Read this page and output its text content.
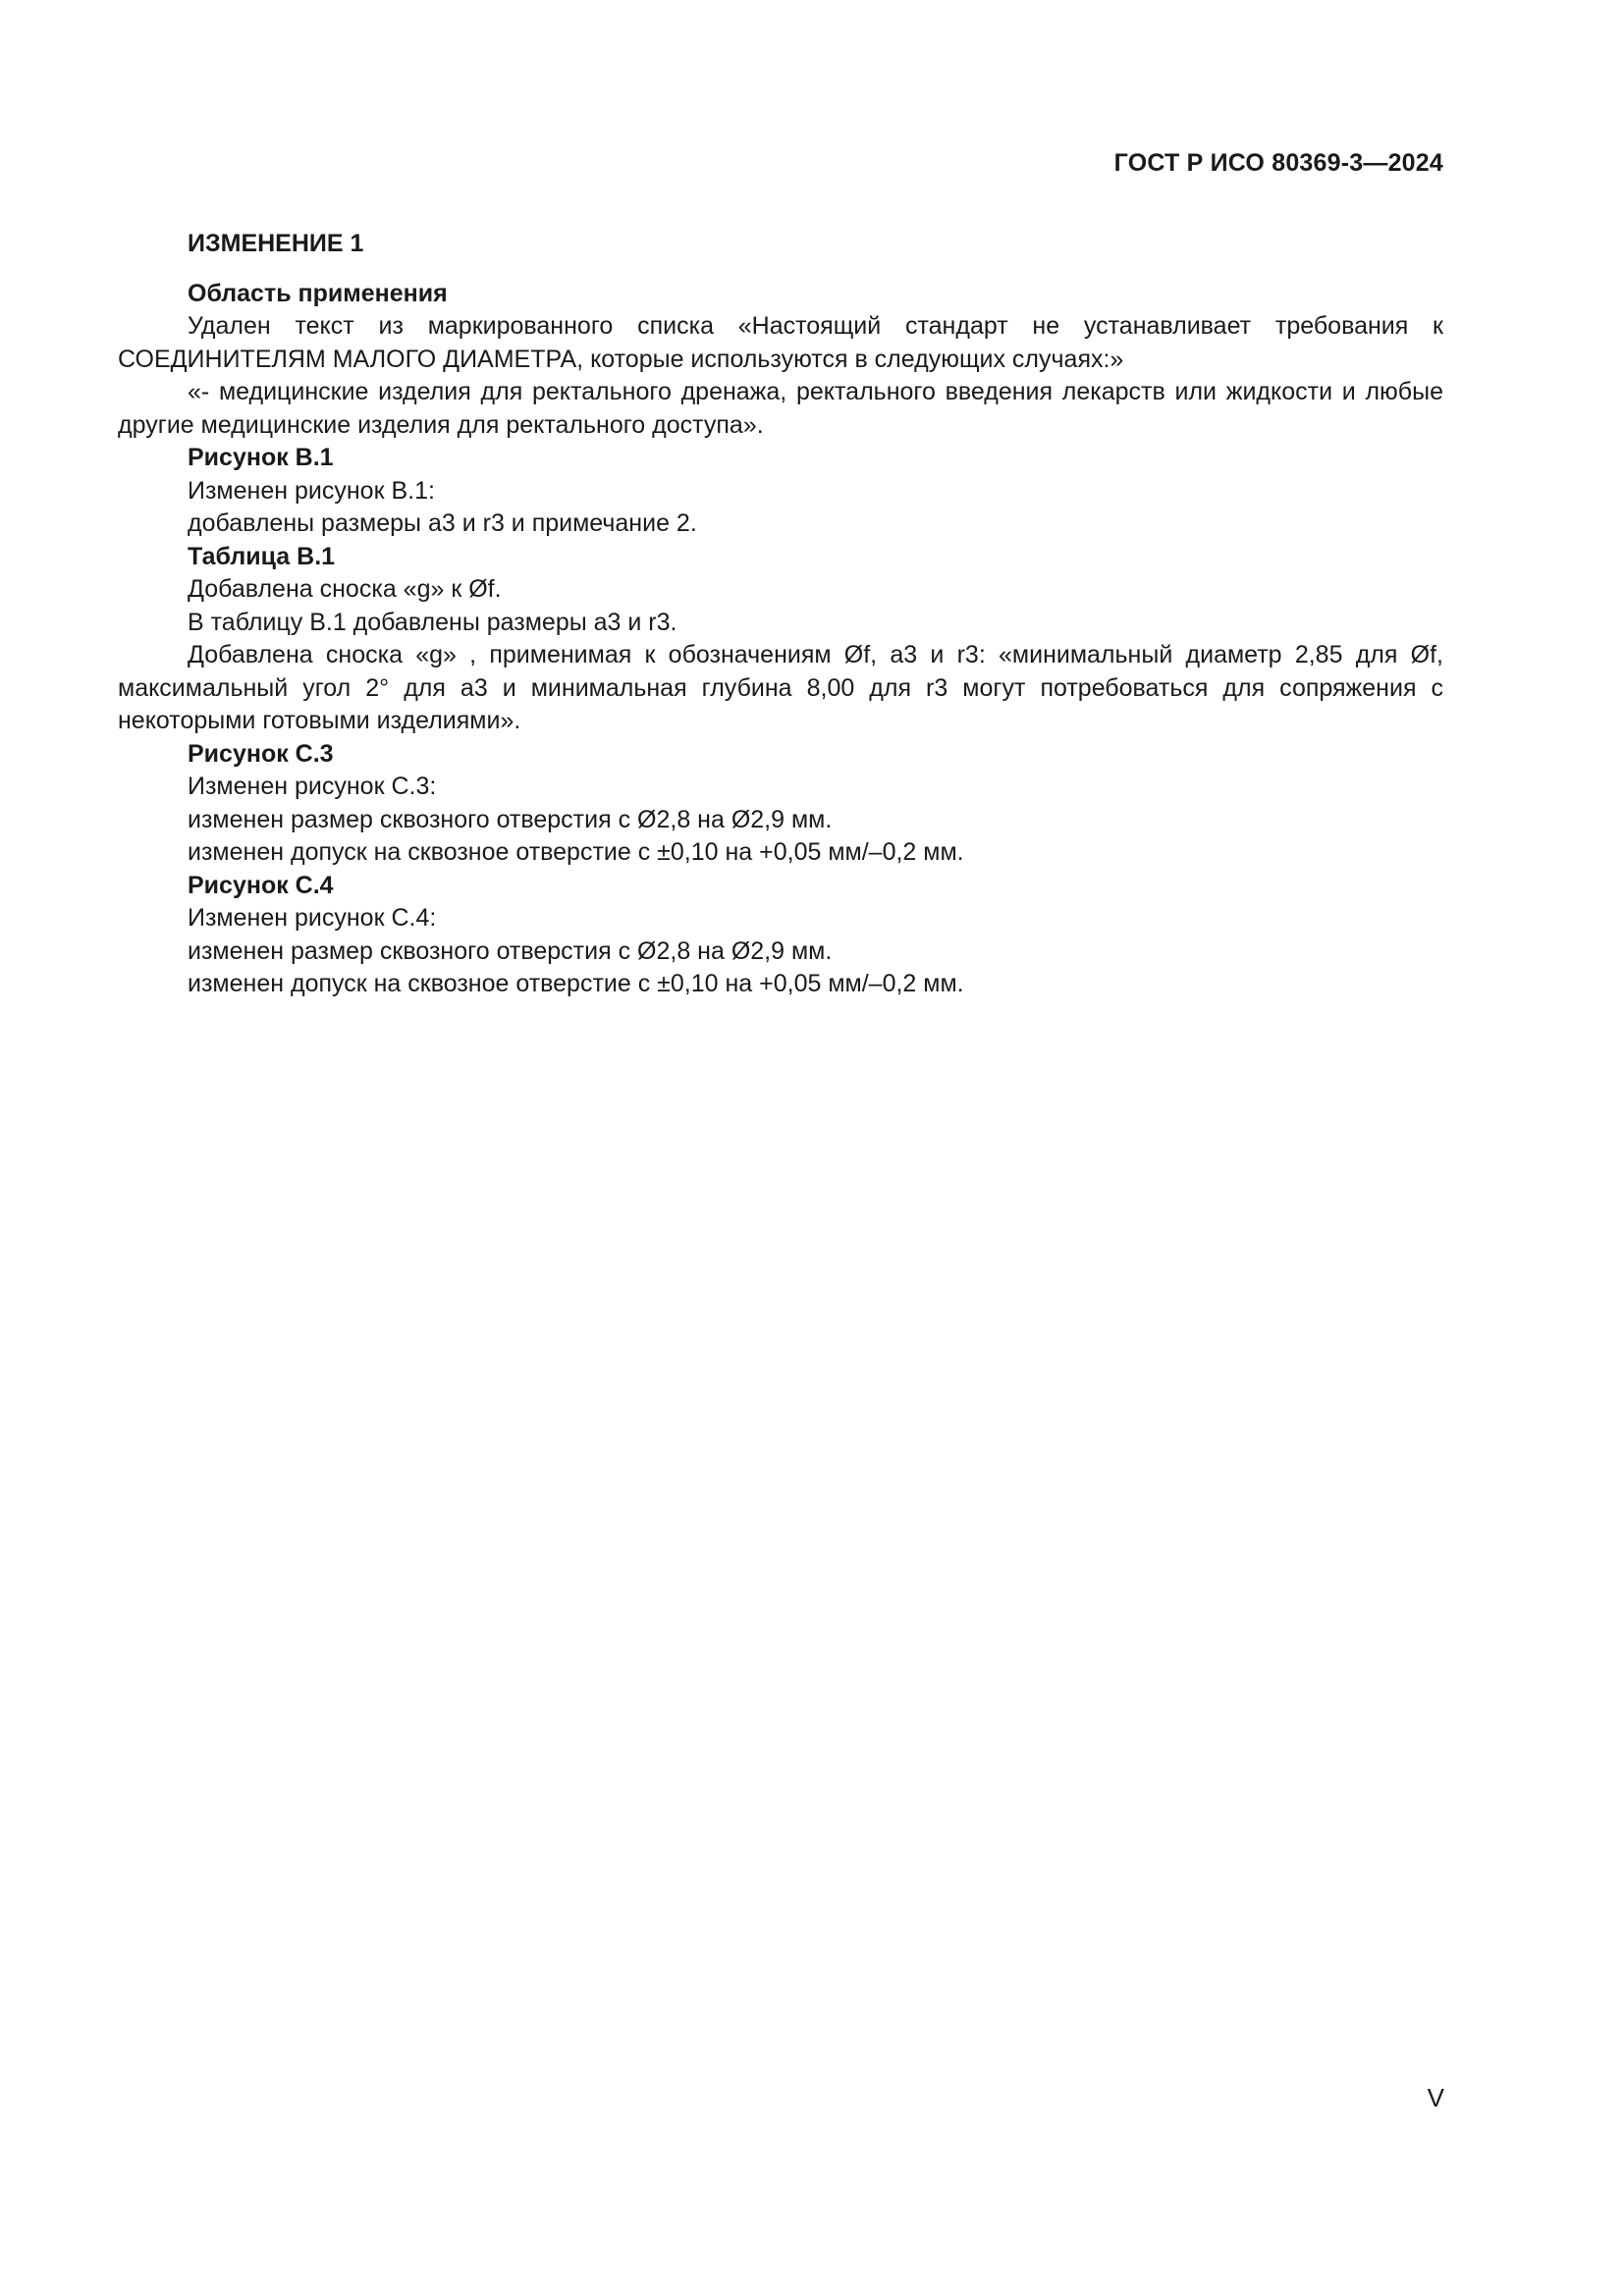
ГОСТ Р ИСО 80369-3—2024
ИЗМЕНЕНИЕ 1
Область применения

Удален текст из маркированного списка «Настоящий стандарт не устанавливает требования к СОЕДИНИТЕЛЯМ МАЛОГО ДИАМЕТРА, которые используются в следующих случаях:»

«- медицинские изделия для ректального дренажа, ректального введения лекарств или жидкости и любые другие медицинские изделия для ректального доступа».

Рисунок В.1
Изменен рисунок В.1:
добавлены размеры а3 и r3 и примечание 2.
Таблица В.1
Добавлена сноска «g» к Øf.
В таблицу В.1 добавлены размеры а3 и r3.

Добавлена сноска «g» , применимая к обозначениям Øf, а3 и r3: «минимальный диаметр 2,85 для Øf, максимальный угол 2° для а3 и минимальная глубина 8,00 для r3 могут потребоваться для сопряжения с некоторыми готовыми изделиями».

Рисунок С.3
Изменен рисунок С.3:
изменен размер сквозного отверстия с Ø2,8 на Ø2,9 мм.
изменен допуск на сквозное отверстие с ±0,10 на +0,05 мм/–0,2 мм.
Рисунок С.4
Изменен рисунок С.4:
изменен размер сквозного отверстия с Ø2,8 на Ø2,9 мм.
изменен допуск на сквозное отверстие с ±0,10 на +0,05 мм/–0,2 мм.
V
